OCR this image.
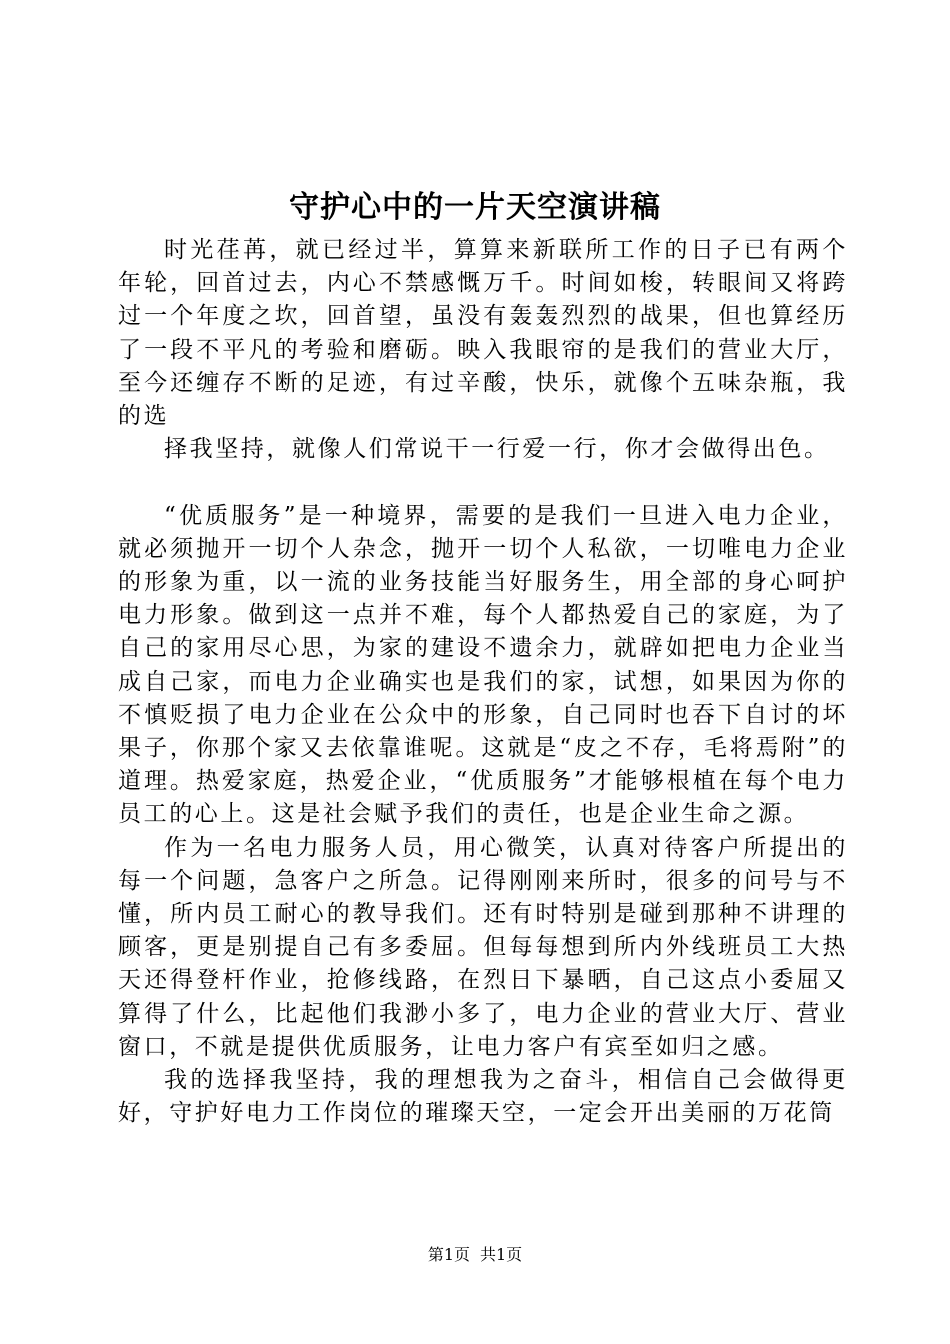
守护心中的一片天空演讲稿

时光荏苒，就已经过半，算算来新联所工作的日子已有两个年轮，回首过去，内心不禁感慨万千。时间如梭，转眼间又将跨过一个年度之坎，回首望，虽没有轰轰烈烈的战果，但也算经历了一段不平凡的考验和磨砺。映入我眼帘的是我们的营业大厅，至今还缠存不断的足迹，有过辛酸，快乐，就像个五味杂瓶，我的选

择我坚持，就像人们常说干一行爱一行，你才会做得出色。

“优质服务”是一种境界，需要的是我们一旦进入电力企业，就必须抛开一切个人杂念，抛开一切个人私欲，一切唯电力企业的形象为重，以一流的业务技能当好服务生，用全部的身心呵护电力形象。做到这一点并不难，每个人都热爱自己的家庭，为了自己的家用尽心思，为家的建设不遗余力，就辟如把电力企业当成自己家，而电力企业确实也是我们的家，试想，如果因为你的不慎贬损了电力企业在公众中的形象，自己同时也吞下自讨的坏果子，你那个家又去依靠谁呢。这就是“皮之不存，毛将焉附”的道理。热爱家庭，热爱企业，“优质服务”才能够根植在每个电力员工的心上。这是社会赋予我们的责任，也是企业生命之源。

作为一名电力服务人员，用心微笑，认真对待客户所提出的每一个问题，急客户之所急。记得刚刚来所时，很多的问号与不懂，所内员工耐心的教导我们。还有时特别是碰到那种不讲理的顾客，更是别提自己有多委屈。但每每想到所内外线班员工大热天还得登杆作业，抢修线路，在烈日下暴晒，自己这点小委屈又算得了什么，比起他们我渺小多了，电力企业的营业大厅、营业窗口，不就是提供优质服务，让电力客户有宾至如归之感。

我的选择我坚持，我的理想我为之奋斗，相信自己会做得更好，守护好电力工作岗位的璀璨天空，一定会开出美丽的万花筒

第1页 共1页
